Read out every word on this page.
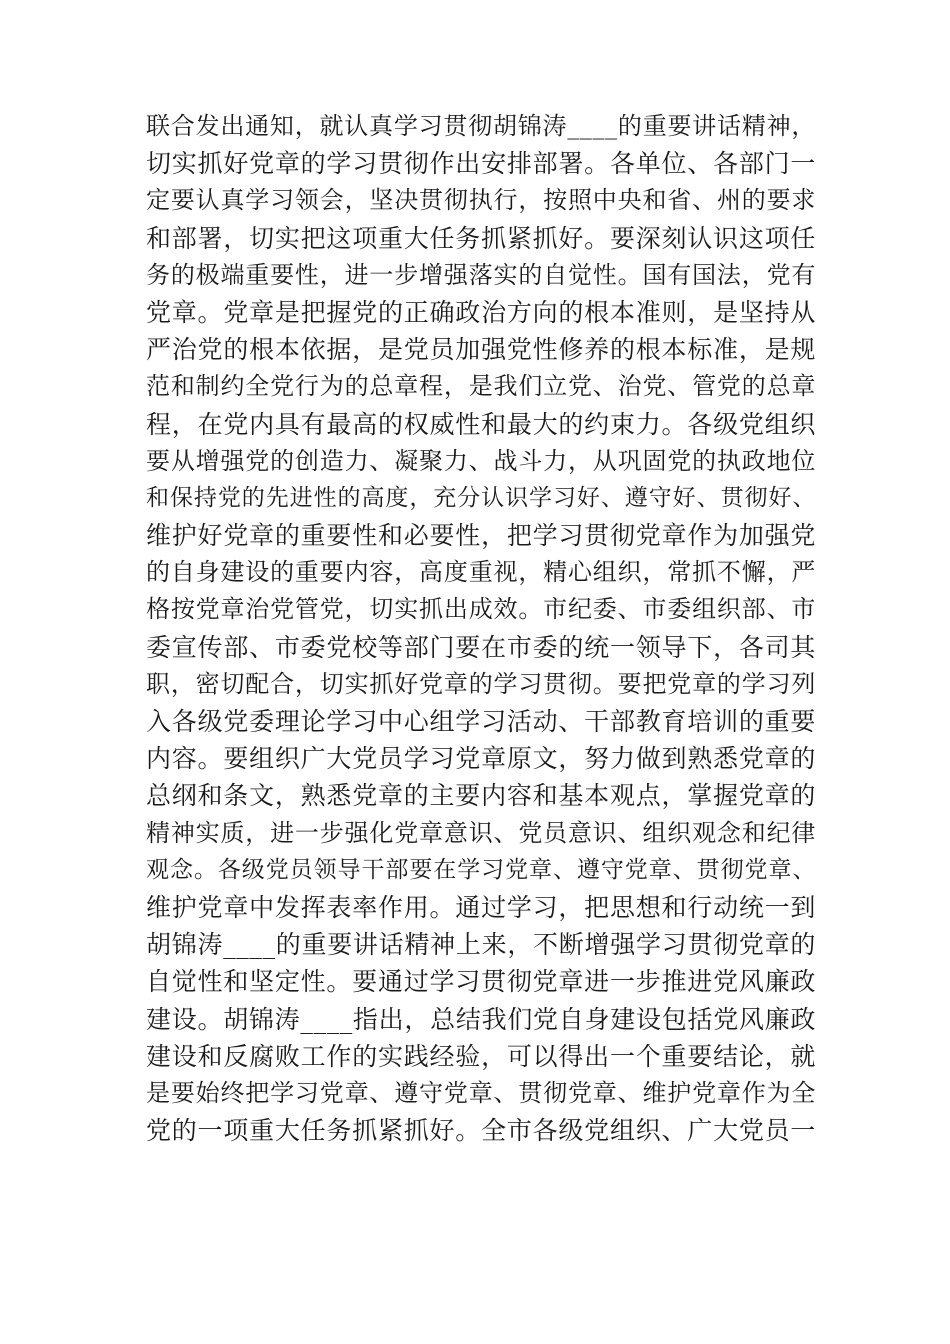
联合发出通知，就认真学习贯彻胡锦涛____的重要讲话精神，
切实抓好党章的学习贯彻作出安排部署。各单位、各部门一
定要认真学习领会，坚决贯彻执行，按照中央和省、州的要求
和部署，切实把这项重大任务抓紧抓好。要深刻认识这项任
务的极端重要性，进一步增强落实的自觉性。国有国法，党有
党章。党章是把握党的正确政治方向的根本准则，是坚持从
严治党的根本依据，是党员加强党性修养的根本标准，是规
范和制约全党行为的总章程，是我们立党、治党、管党的总章
程，在党内具有最高的权威性和最大的约束力。各级党组织
要从增强党的创造力、凝聚力、战斗力，从巩固党的执政地位
和保持党的先进性的高度，充分认识学习好、遵守好、贯彻好、
维护好党章的重要性和必要性，把学习贯彻党章作为加强党
的自身建设的重要内容，高度重视，精心组织，常抓不懈，严
格按党章治党管党，切实抓出成效。市纪委、市委组织部、市
委宣传部、市委党校等部门要在市委的统一领导下，各司其
职，密切配合，切实抓好党章的学习贯彻。要把党章的学习列
入各级党委理论学习中心组学习活动、干部教育培训的重要
内容。要组织广大党员学习党章原文，努力做到熟悉党章的
总纲和条文，熟悉党章的主要内容和基本观点，掌握党章的
精神实质，进一步强化党章意识、党员意识、组织观念和纪律
观念。各级党员领导干部要在学习党章、遵守党章、贯彻党章、
维护党章中发挥表率作用。通过学习，把思想和行动统一到
胡锦涛____的重要讲话精神上来，不断增强学习贯彻党章的
自觉性和坚定性。要通过学习贯彻党章进一步推进党风廉政
建设。胡锦涛____指出，总结我们党自身建设包括党风廉政
建设和反腐败工作的实践经验，可以得出一个重要结论，就
是要始终把学习党章、遵守党章、贯彻党章、维护党章作为全
党的一项重大任务抓紧抓好。全市各级党组织、广大党员一
